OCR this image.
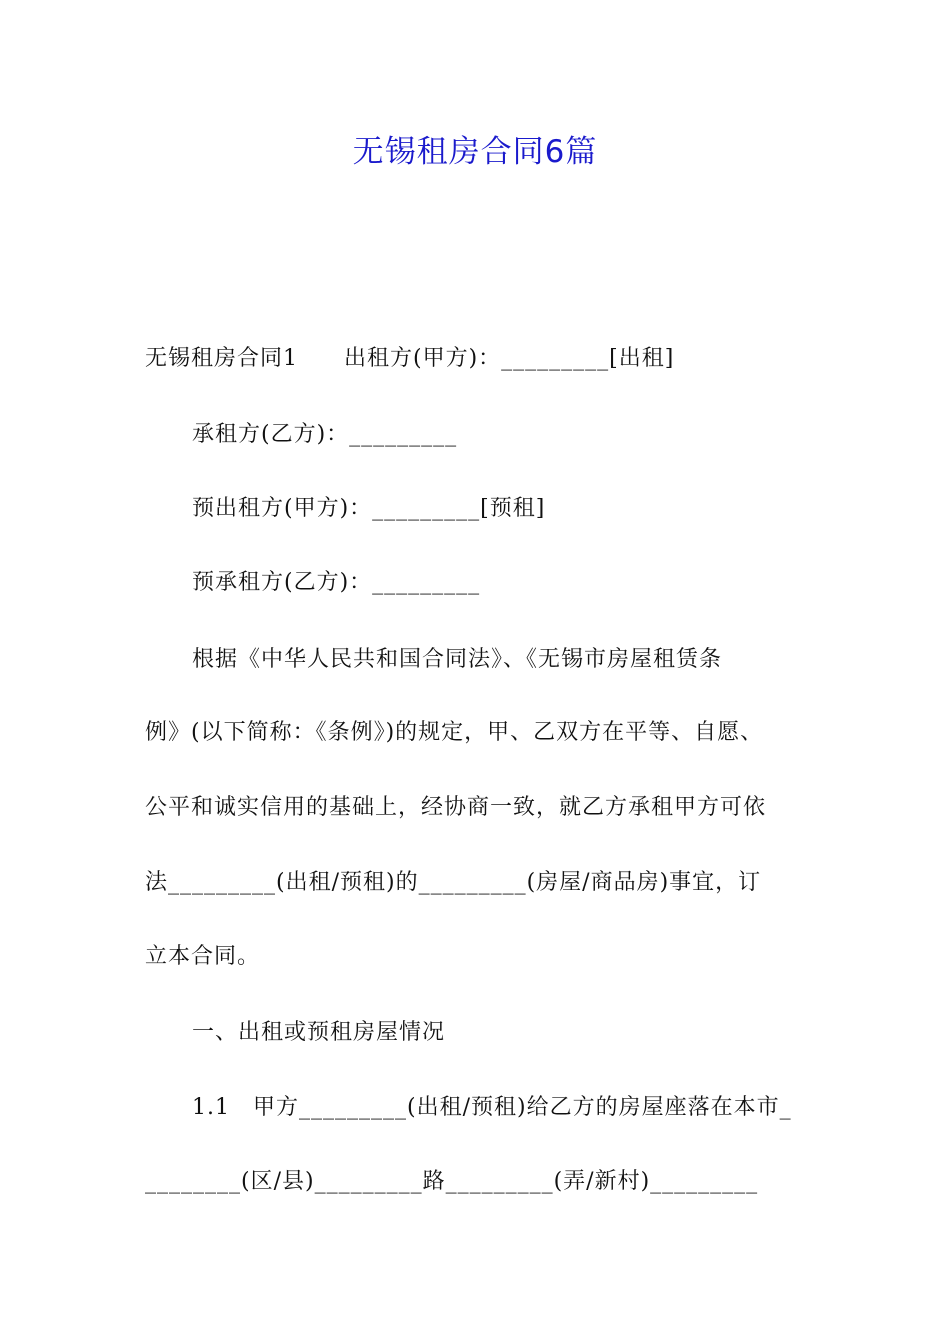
无锡租房合同6篇

无锡租房合同1　　出租方(甲方)：_________[出租]

承租方(乙方)：_________

预出租方(甲方)：_________[预租]

预承租方(乙方)：_________

根据《中华人民共和国合同法》、《无锡市房屋租赁条

例》(以下简称：《条例》)的规定，甲、乙双方在平等、自愿、

公平和诚实信用的基础上，经协商一致，就乙方承租甲方可依

法_________(出租/预租)的_________(房屋/商品房)事宜，订

立本合同。

一、出租或预租房屋情况

1.1　甲方_________(出租/预租)给乙方的房屋座落在本市_

________(区/县)_________路_________(弄/新村)_________
